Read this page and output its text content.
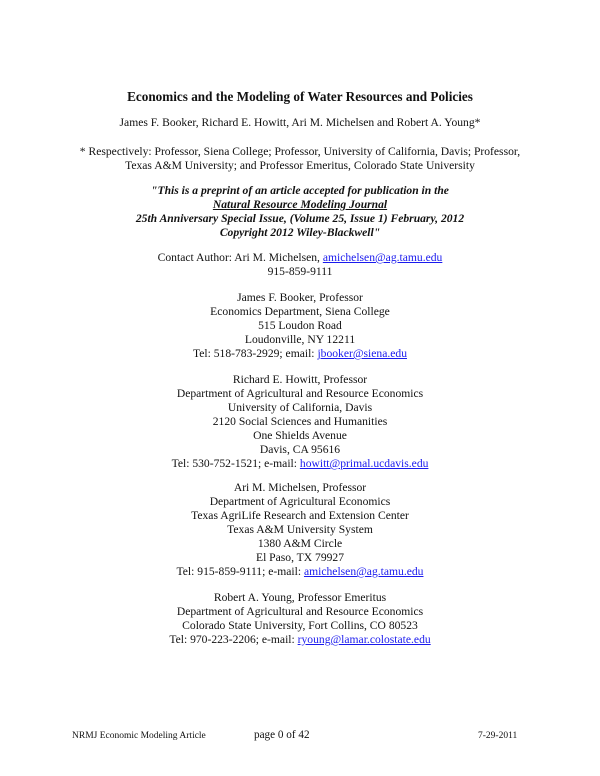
Economics and the Modeling of Water Resources and Policies
James F. Booker, Richard E. Howitt, Ari M. Michelsen and Robert A. Young*
* Respectively: Professor, Siena College; Professor, University of California, Davis; Professor,
Texas A&M University; and Professor Emeritus, Colorado State University
"This is a preprint of an article accepted for publication in the
Natural Resource Modeling Journal
25th Anniversary Special Issue, (Volume 25, Issue 1) February, 2012
Copyright 2012 Wiley-Blackwell"
Contact Author: Ari M. Michelsen, amichelsen@ag.tamu.edu
915-859-9111
James F. Booker, Professor
Economics Department, Siena College
515 Loudon Road
Loudonville, NY 12211
Tel: 518-783-2929; email: jbooker@siena.edu
Richard E. Howitt, Professor
Department of Agricultural and Resource Economics
University of California, Davis
2120 Social Sciences and Humanities
One Shields Avenue
Davis, CA 95616
Tel: 530-752-1521; e-mail: howitt@primal.ucdavis.edu
Ari M. Michelsen, Professor
Department of Agricultural Economics
Texas AgriLife Research and Extension Center
Texas A&M University System
1380 A&M Circle
El Paso, TX 79927
Tel: 915-859-9111; e-mail: amichelsen@ag.tamu.edu
Robert A. Young, Professor Emeritus
Department of Agricultural and Resource Economics
Colorado State University, Fort Collins, CO 80523
Tel: 970-223-2206; e-mail: ryoung@lamar.colostate.edu
NRMJ Economic Modeling Article	page 0 of 42	7-29-2011
